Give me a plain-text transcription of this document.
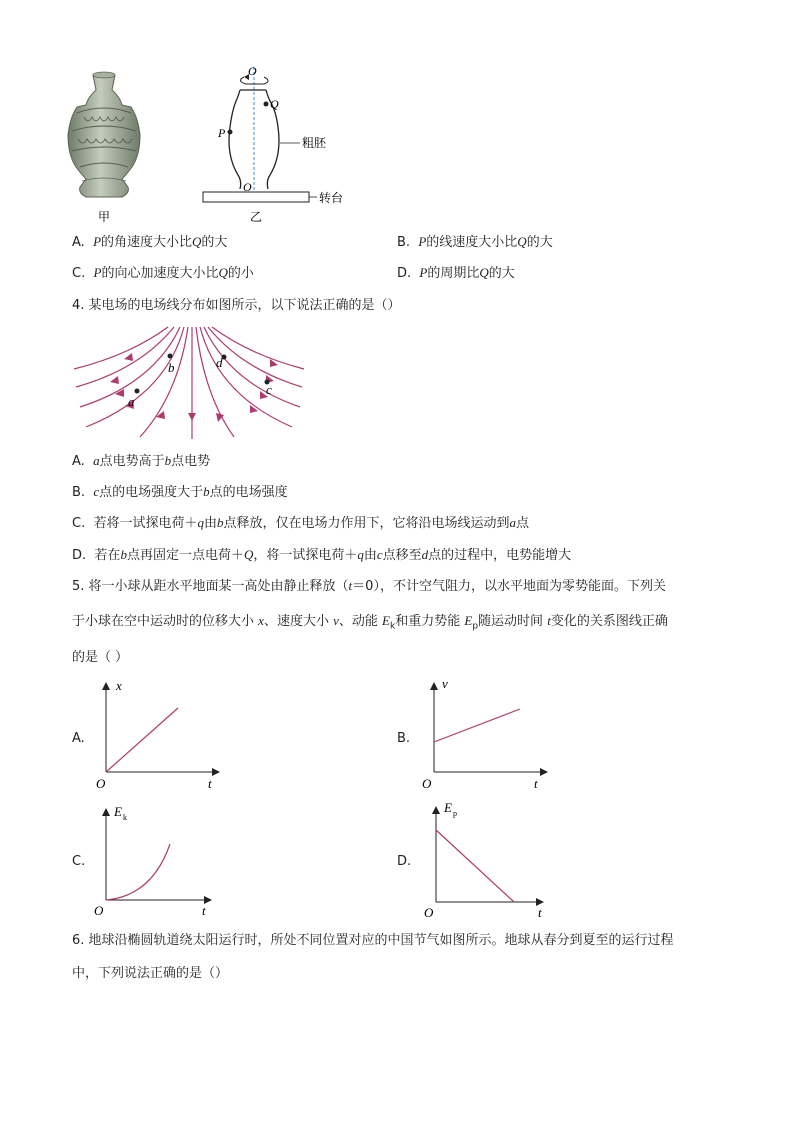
甲
O
O
P
Q
粗胚
转台
乙
A. P的角速度大小比Q的大	B. P的线速度大小比Q的大
C. P的向心加速度大小比Q的小	D. P的周期比Q的大
4. 某电场的电场线分布如图所示，以下说法正确的是（）
b	d
a
c
A. a点电势高于b点电势
B. c点的电场强度大于b点的电场强度
C. 若将一试探电荷＋q由b点释放，仅在电场力作用下，它将沿电场线运动到a点
D. 若在b点再固定一点电荷＋Q，将一试探电荷＋q由c点移至d点的过程中，电势能增大
5. 将一小球从距水平地面某一高处由静止释放（t＝0），不计空气阻力，以水平地面为零势能面。下列关
于小球在空中运动时的位移大小 x、速度大小 v、动能 $E_k$和重力势能 $E_p$随运动时间 t变化的关系图线正确
的是（ ）
A.
x
t
O
B.
v
t
O
C.
E k
t
O
D.
E p
t
O
6. 地球沿椭圆轨道绕太阳运行时，所处不同位置对应的中国节气如图所示。地球从春分到夏至的运行过程
中，下列说法正确的是（）
